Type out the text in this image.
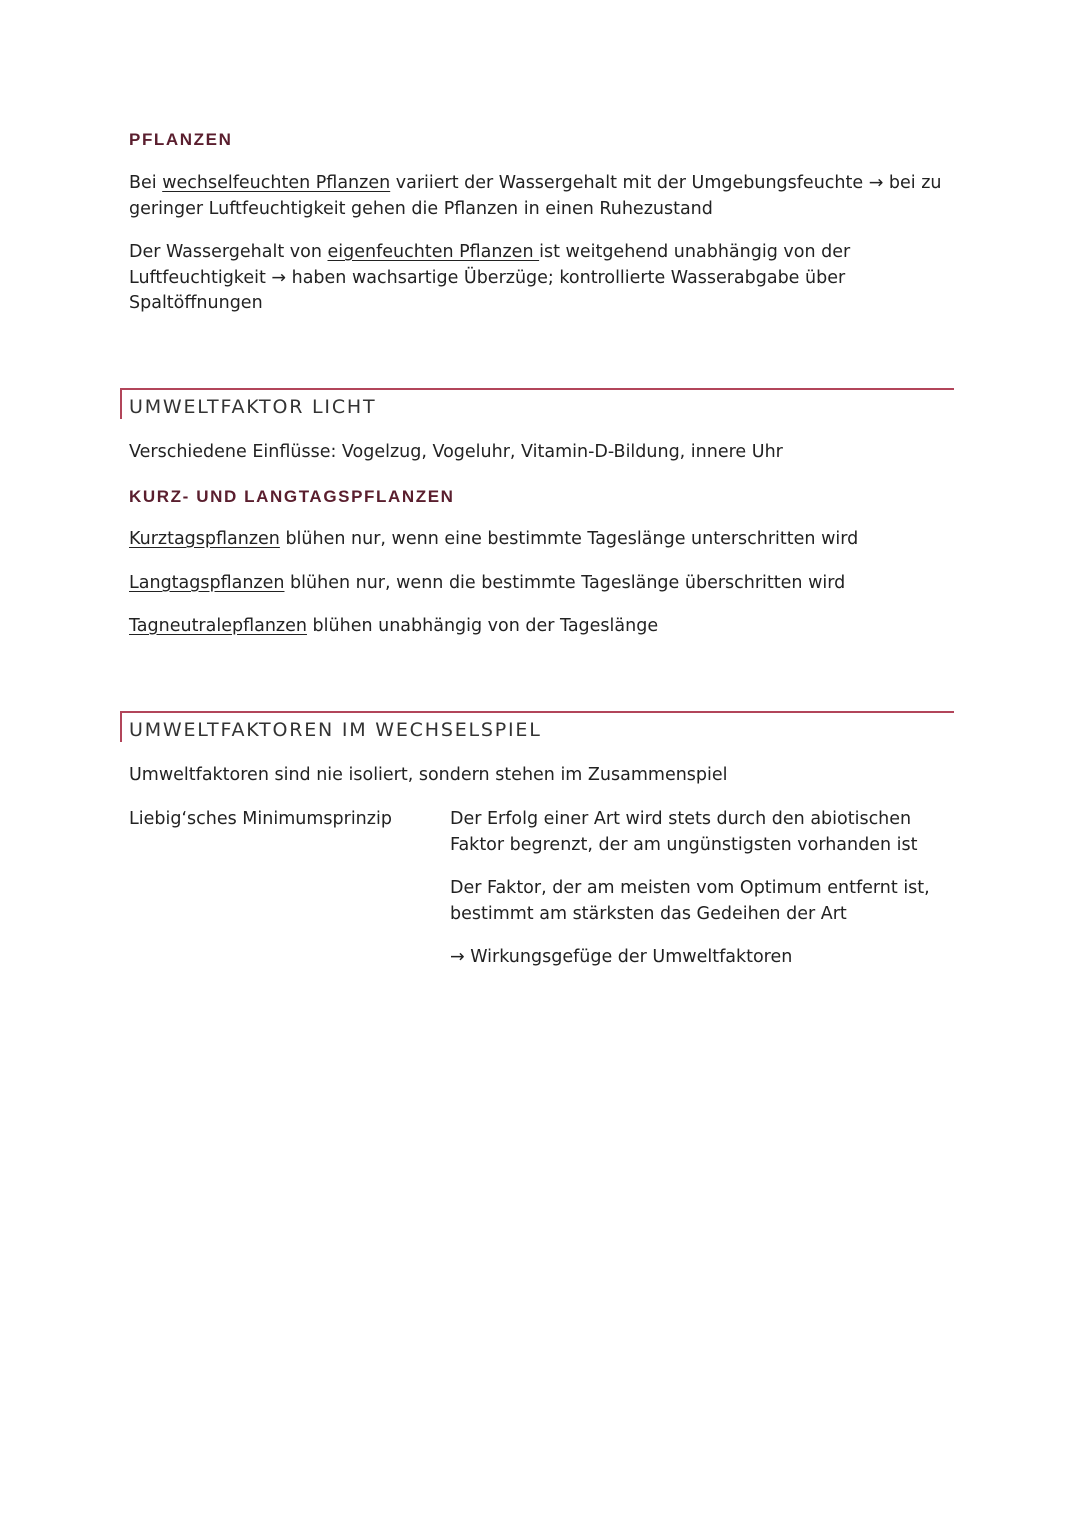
PFLANZEN

Bei wechselfeuchten Pflanzen variiert der Wassergehalt mit der Umgebungsfeuchte → bei zu geringer Luftfeuchtigkeit gehen die Pflanzen in einen Ruhezustand

Der Wassergehalt von eigenfeuchten Pflanzen ist weitgehend unabhängig von der Luftfeuchtigkeit → haben wachsartige Überzüge; kontrollierte Wasserabgabe über Spaltöffnungen

UMWELTFAKTOR LICHT

Verschiedene Einflüsse: Vogelzug, Vogeluhr, Vitamin-D-Bildung, innere Uhr

KURZ- UND LANGTAGSPFLANZEN

Kurztagspflanzen blühen nur, wenn eine bestimmte Tageslänge unterschritten wird

Langtagspflanzen blühen nur, wenn die bestimmte Tageslänge überschritten wird

Tagneutralepflanzen blühen unabhängig von der Tageslänge

UMWELTFAKTOREN IM WECHSELSPIEL

Umweltfaktoren sind nie isoliert, sondern stehen im Zusammenspiel

Liebig‘sches Minimumsprinzip	Der Erfolg einer Art wird stets durch den abiotischen Faktor begrenzt, der am ungünstigsten vorhanden ist

Der Faktor, der am meisten vom Optimum entfernt ist, bestimmt am stärksten das Gedeihen der Art

→ Wirkungsgefüge der Umweltfaktoren
